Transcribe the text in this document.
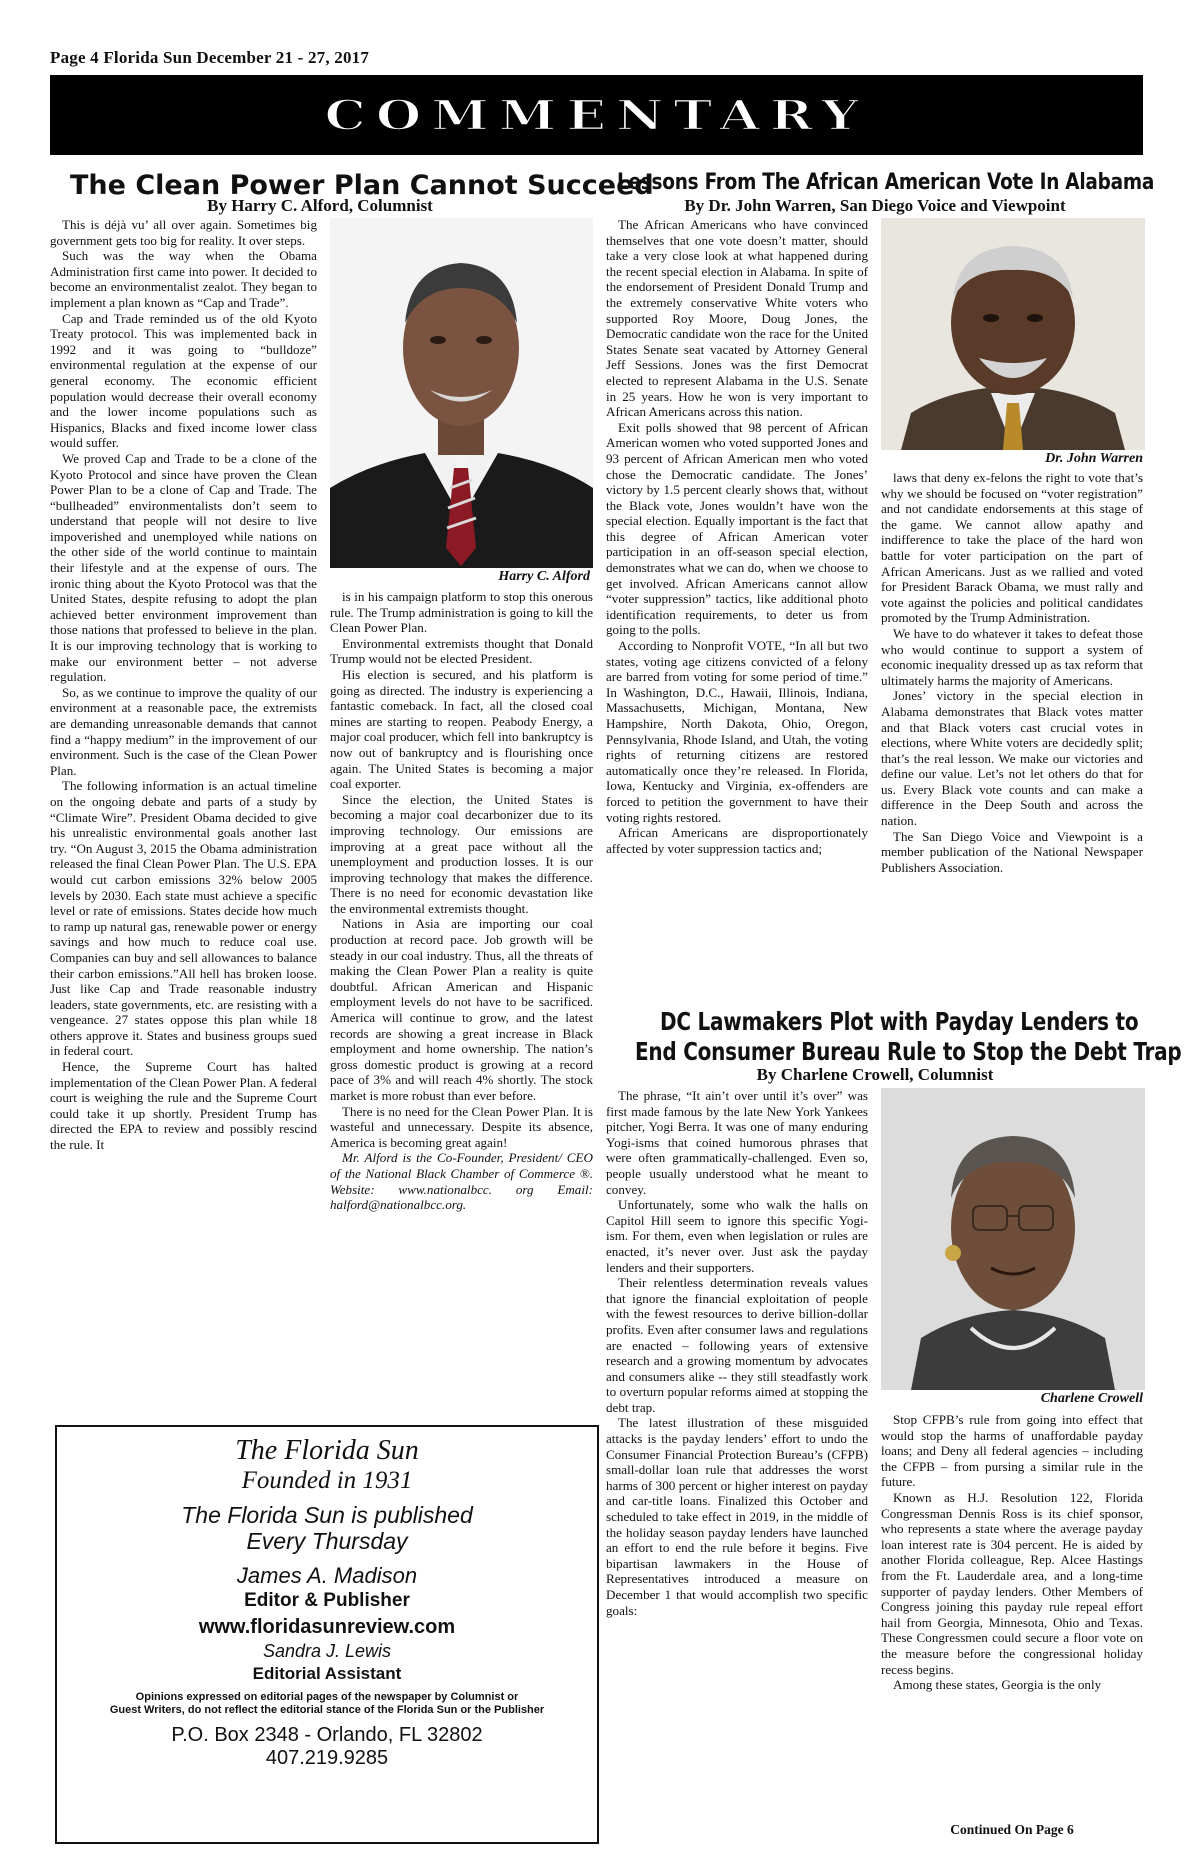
Page 4 Florida Sun December 21 - 27, 2017
COMMENTARY
The Clean Power Plan Cannot Succeed
By Harry C. Alford, Columnist

This is déjà vu’ all over again. Sometimes big government gets too big for reality. It over steps.

Such was the way when the Obama Administration first came into power. It decided to become an environmentalist zealot. They began to implement a plan known as “Cap and Trade”.

Cap and Trade reminded us of the old Kyoto Treaty protocol. This was implemented back in 1992 and it was going to “bulldoze” environmental regulation at the expense of our general economy. The economic efficient population would decrease their overall economy and the lower income populations such as Hispanics, Blacks and fixed income lower class would suffer.

We proved Cap and Trade to be a clone of the Kyoto Protocol and since have proven the Clean Power Plan to be a clone of Cap and Trade. The “bullheaded” environmentalists don’t seem to understand that people will not desire to live impoverished and unemployed while nations on the other side of the world continue to maintain their lifestyle and at the expense of ours. The ironic thing about the Kyoto Protocol was that the United States, despite refusing to adopt the plan achieved better environment improvement than those nations that professed to believe in the plan. It is our improving technology that is working to make our environment better – not adverse regulation.

So, as we continue to improve the quality of our environment at a reasonable pace, the extremists are demanding unreasonable demands that cannot find a “happy medium” in the improvement of our environment. Such is the case of the Clean Power Plan.

The following information is an actual timeline on the ongoing debate and parts of a study by “Climate Wire”. President Obama decided to give his unrealistic environmental goals another last try. “On August 3, 2015 the Obama administration released the final Clean Power Plan. The U.S. EPA would cut carbon emissions 32% below 2005 levels by 2030. Each state must achieve a specific level or rate of emissions. States decide how much to ramp up natural gas, renewable power or energy savings and how much to reduce coal use. Companies can buy and sell allowances to balance their carbon emissions.”All hell has broken loose. Just like Cap and Trade reasonable industry leaders, state governments, etc. are resisting with a vengeance. 27 states oppose this plan while 18 others approve it. States and business groups sued in federal court.

Hence, the Supreme Court has halted implementation of the Clean Power Plan. A federal court is weighing the rule and the Supreme Court could take it up shortly. President Trump has directed the EPA to review and possibly rescind the rule. It

Harry C. Alford

is in his campaign platform to stop this onerous rule. The Trump administration is going to kill the Clean Power Plan.

Environmental extremists thought that Donald Trump would not be elected President.

His election is secured, and his platform is going as directed. The industry is experiencing a fantastic comeback. In fact, all the closed coal mines are starting to reopen. Peabody Energy, a major coal producer, which fell into bankruptcy is now out of bankruptcy and is flourishing once again. The United States is becoming a major coal exporter.

Since the election, the United States is becoming a major coal decarbonizer due to its improving technology. Our emissions are improving at a great pace without all the unemployment and production losses. It is our improving technology that makes the difference. There is no need for economic devastation like the environmental extremists thought.

Nations in Asia are importing our coal production at record pace. Job growth will be steady in our coal industry. Thus, all the threats of making the Clean Power Plan a reality is quite doubtful. African American and Hispanic employment levels do not have to be sacrificed. America will continue to grow, and the latest records are showing a great increase in Black employment and home ownership. The nation’s gross domestic product is growing at a record pace of 3% and will reach 4% shortly. The stock market is more robust than ever before.

There is no need for the Clean Power Plan. It is wasteful and unnecessary. Despite its absence, America is becoming great again!

Mr. Alford is the Co-Founder, President/ CEO of the National Black Chamber of Commerce ®. Website: www.nationalbcc. org Email: halford@nationalbcc.org.

The Florida Sun
Founded in 1931
The Florida Sun is published
Every Thursday
James A. Madison
Editor & Publisher
www.floridasunreview.com
Sandra J. Lewis
Editorial Assistant
Opinions expressed on editorial pages of the newspaper by Columnist or
Guest Writers, do not reflect the editorial stance of the Florida Sun or the Publisher
P.O. Box 2348 - Orlando, FL 32802
407.219.9285
Lessons From The African American Vote In Alabama
By Dr. John Warren, San Diego Voice and Viewpoint

The African Americans who have convinced themselves that one vote doesn’t matter, should take a very close look at what happened during the recent special election in Alabama. In spite of the endorsement of President Donald Trump and the extremely conservative White voters who supported Roy Moore, Doug Jones, the Democratic candidate won the race for the United States Senate seat vacated by Attorney General Jeff Sessions. Jones was the first Democrat elected to represent Alabama in the U.S. Senate in 25 years. How he won is very important to African Americans across this nation.

Exit polls showed that 98 percent of African American women who voted supported Jones and 93 percent of African American men who voted chose the Democratic candidate. The Jones’ victory by 1.5 percent clearly shows that, without the Black vote, Jones wouldn’t have won the special election. Equally important is the fact that this degree of African American voter participation in an off-season special election, demonstrates what we can do, when we choose to get involved. African Americans cannot allow “voter suppression” tactics, like additional photo identification requirements, to deter us from going to the polls.

According to Nonprofit VOTE, “In all but two states, voting age citizens convicted of a felony are barred from voting for some period of time.” In Washington, D.C., Hawaii, Illinois, Indiana, Massachusetts, Michigan, Montana, New Hampshire, North Dakota, Ohio, Oregon, Pennsylvania, Rhode Island, and Utah, the voting rights of returning citizens are restored automatically once they’re released. In Florida, Iowa, Kentucky and Virginia, ex-offenders are forced to petition the government to have their voting rights restored.

African Americans are disproportionately affected by voter suppression tactics and;

Dr. John Warren

laws that deny ex-felons the right to vote that’s why we should be focused on “voter registration” and not candidate endorsements at this stage of the game. We cannot allow apathy and indifference to take the place of the hard won battle for voter participation on the part of African Americans. Just as we rallied and voted for President Barack Obama, we must rally and vote against the policies and political candidates promoted by the Trump Administration.

We have to do whatever it takes to defeat those who would continue to support a system of economic inequality dressed up as tax reform that ultimately harms the majority of Americans.

Jones’ victory in the special election in Alabama demonstrates that Black votes matter and that Black voters cast crucial votes in elections, where White voters are decidedly split; that’s the real lesson. We make our victories and define our value. Let’s not let others do that for us. Every Black vote counts and can make a difference in the Deep South and across the nation.

The San Diego Voice and Viewpoint is a member publication of the National Newspaper Publishers Association.

DC Lawmakers Plot with Payday Lenders to
End Consumer Bureau Rule to Stop the Debt Trap
By Charlene Crowell, Columnist

The phrase, “It ain’t over until it’s over” was first made famous by the late New York Yankees pitcher, Yogi Berra. It was one of many enduring Yogi-isms that coined humorous phrases that were often grammatically-challenged. Even so, people usually understood what he meant to convey.

Unfortunately, some who walk the halls on Capitol Hill seem to ignore this specific Yogi-ism. For them, even when legislation or rules are enacted, it’s never over. Just ask the payday lenders and their supporters.

Their relentless determination reveals values that ignore the financial exploitation of people with the fewest resources to derive billion-dollar profits. Even after consumer laws and regulations are enacted – following years of extensive research and a growing momentum by advocates and consumers alike -- they still steadfastly work to overturn popular reforms aimed at stopping the debt trap.

The latest illustration of these misguided attacks is the payday lenders’ effort to undo the Consumer Financial Protection Bureau’s (CFPB) small-dollar loan rule that addresses the worst harms of 300 percent or higher interest on payday and car-title loans. Finalized this October and scheduled to take effect in 2019, in the middle of the holiday season payday lenders have launched an effort to end the rule before it begins. Five bipartisan lawmakers in the House of Representatives introduced a measure on December 1 that would accomplish two specific goals:

Charlene Crowell

Stop CFPB’s rule from going into effect that would stop the harms of unaffordable payday loans; and Deny all federal agencies – including the CFPB – from pursing a similar rule in the future.

Known as H.J. Resolution 122, Florida Congressman Dennis Ross is its chief sponsor, who represents a state where the average payday loan interest rate is 304 percent. He is aided by another Florida colleague, Rep. Alcee Hastings from the Ft. Lauderdale area, and a long-time supporter of payday lenders. Other Members of Congress joining this payday rule repeal effort hail from Georgia, Minnesota, Ohio and Texas. These Congressmen could secure a floor vote on the measure before the congressional holiday recess begins.

Among these states, Georgia is the only

Continued On Page 6
